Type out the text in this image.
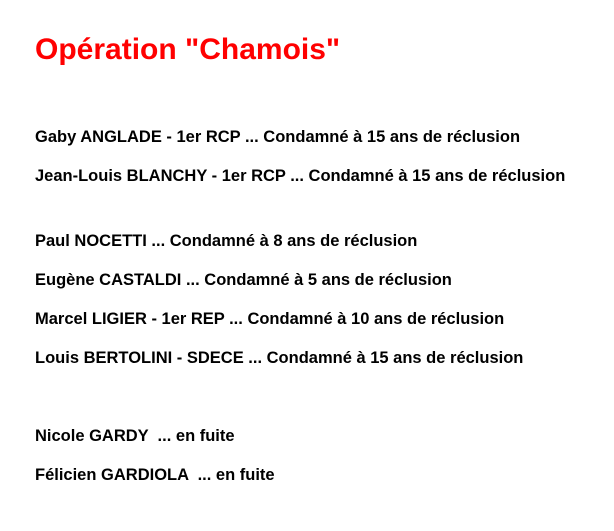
Opération "Chamois"

Gaby ANGLADE - 1er RCP ... Condamné à 15 ans de réclusion

Jean-Louis BLANCHY - 1er RCP ... Condamné à 15 ans de réclusion

Paul NOCETTI ... Condamné à 8 ans de réclusion

Eugène CASTALDI ... Condamné à 5 ans de réclusion

Marcel LIGIER - 1er REP ... Condamné à 10 ans de réclusion

Louis BERTOLINI - SDECE ... Condamné à 15 ans de réclusion

Nicole GARDY  ... en fuite

Félicien GARDIOLA  ... en fuite
